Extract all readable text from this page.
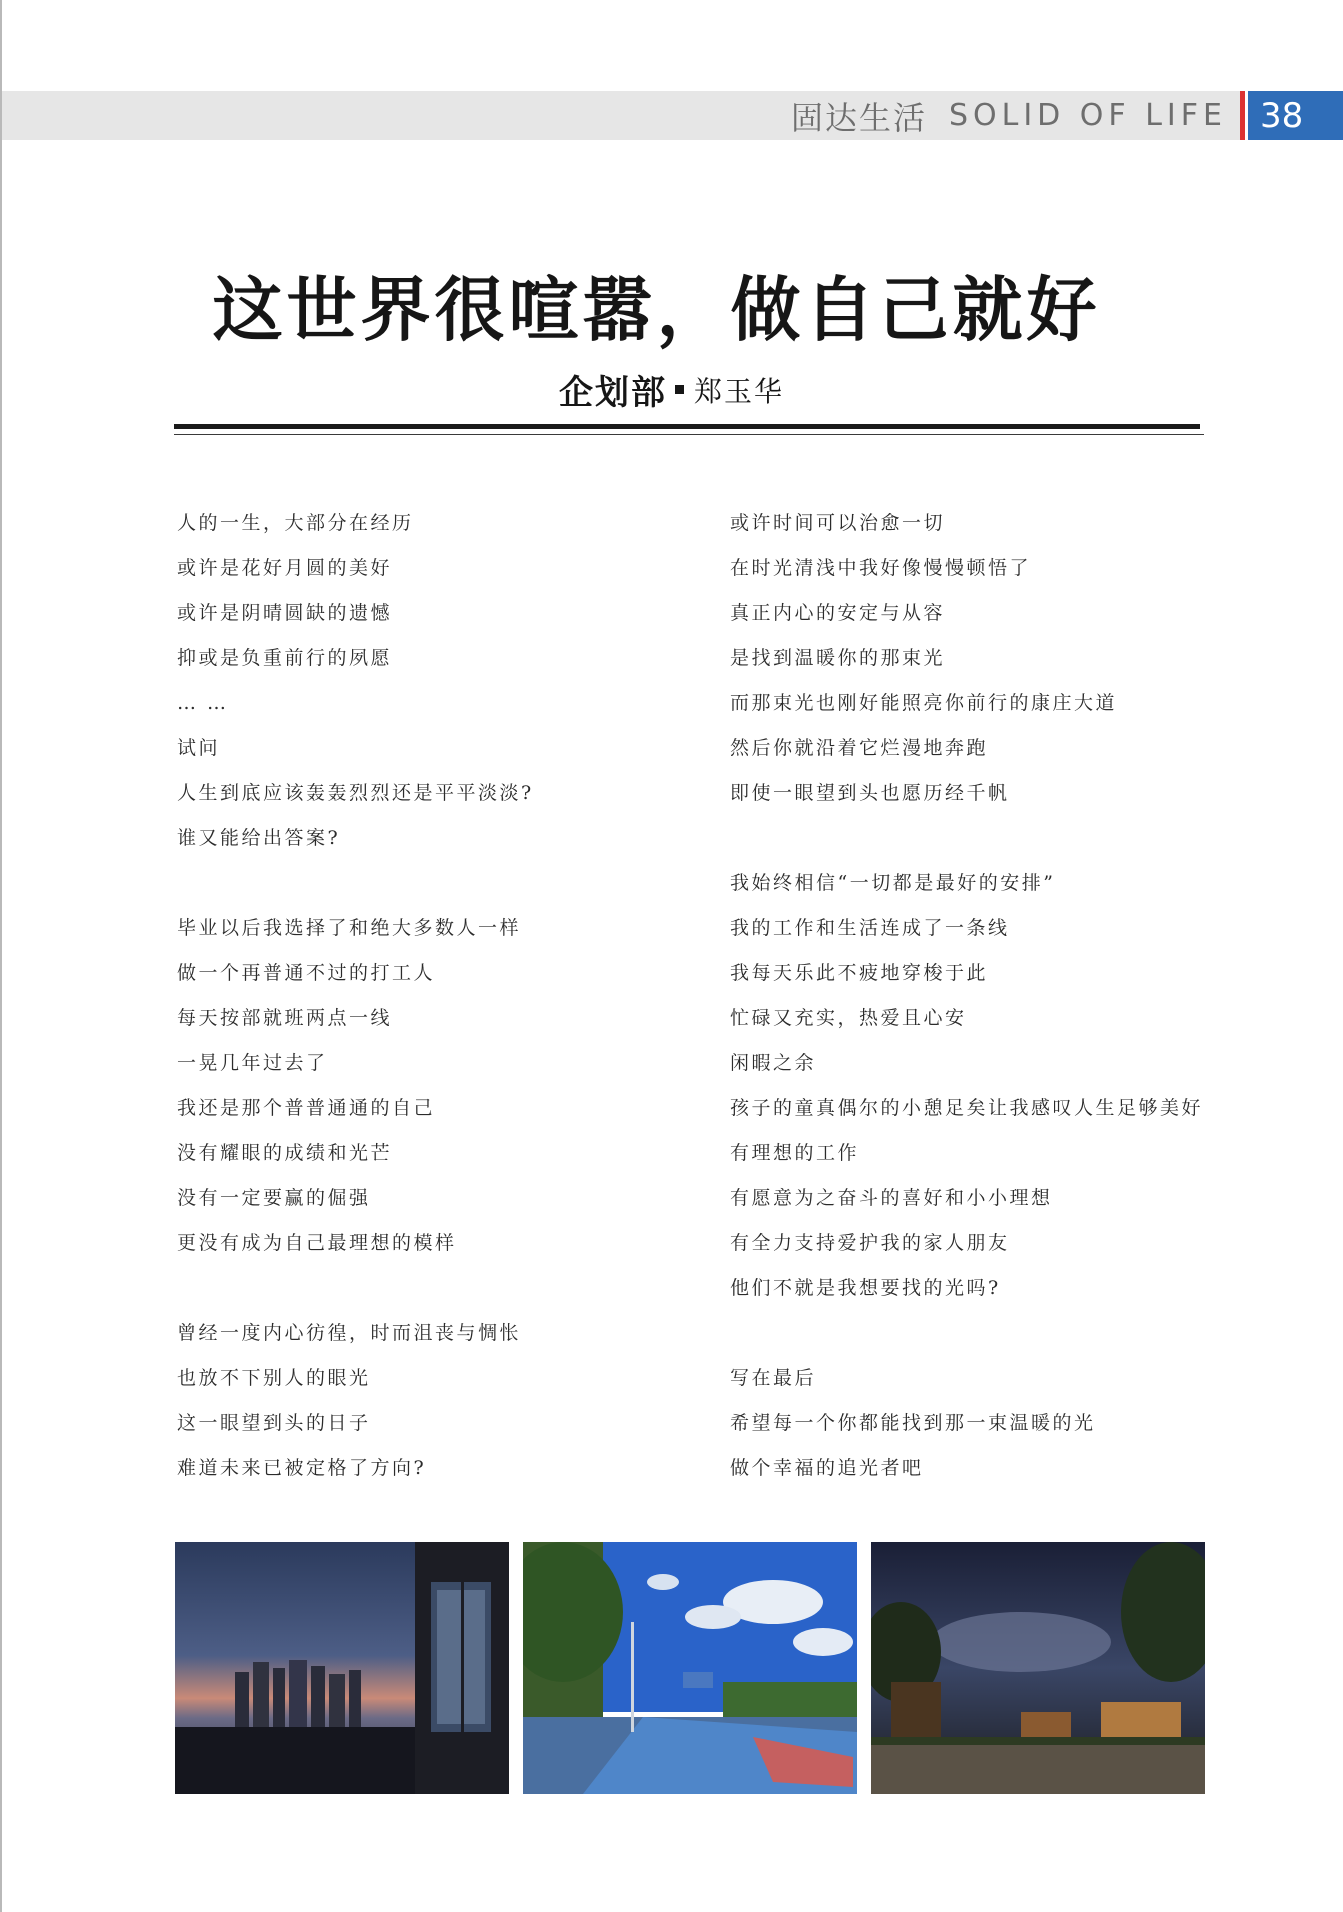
固达生活 SOLID OF LIFE 38
这世界很喧嚣，做自己就好
企划部 郑玉华
人的一生，大部分在经历
或许是花好月圆的美好
或许是阴晴圆缺的遗憾
抑或是负重前行的夙愿
… …
试问
人生到底应该轰轰烈烈还是平平淡淡?
谁又能给出答案?
毕业以后我选择了和绝大多数人一样
做一个再普通不过的打工人
每天按部就班两点一线
一晃几年过去了
我还是那个普普通通的自己
没有耀眼的成绩和光芒
没有一定要赢的倔强
更没有成为自己最理想的模样
曾经一度内心彷徨，时而沮丧与惆怅
也放不下别人的眼光
这一眼望到头的日子
难道未来已被定格了方向?
或许时间可以治愈一切
在时光清浅中我好像慢慢顿悟了
真正内心的安定与从容
是找到温暖你的那束光
而那束光也刚好能照亮你前行的康庄大道
然后你就沿着它烂漫地奔跑
即使一眼望到头也愿历经千帆
我始终相信“一切都是最好的安排”
我的工作和生活连成了一条线
我每天乐此不疲地穿梭于此
忙碌又充实，热爱且心安
闲暇之余
孩子的童真偶尔的小憩足矣让我感叹人生足够美好
有理想的工作
有愿意为之奋斗的喜好和小小理想
有全力支持爱护我的家人朋友
他们不就是我想要找的光吗?
写在最后
希望每一个你都能找到那一束温暖的光
做个幸福的追光者吧
